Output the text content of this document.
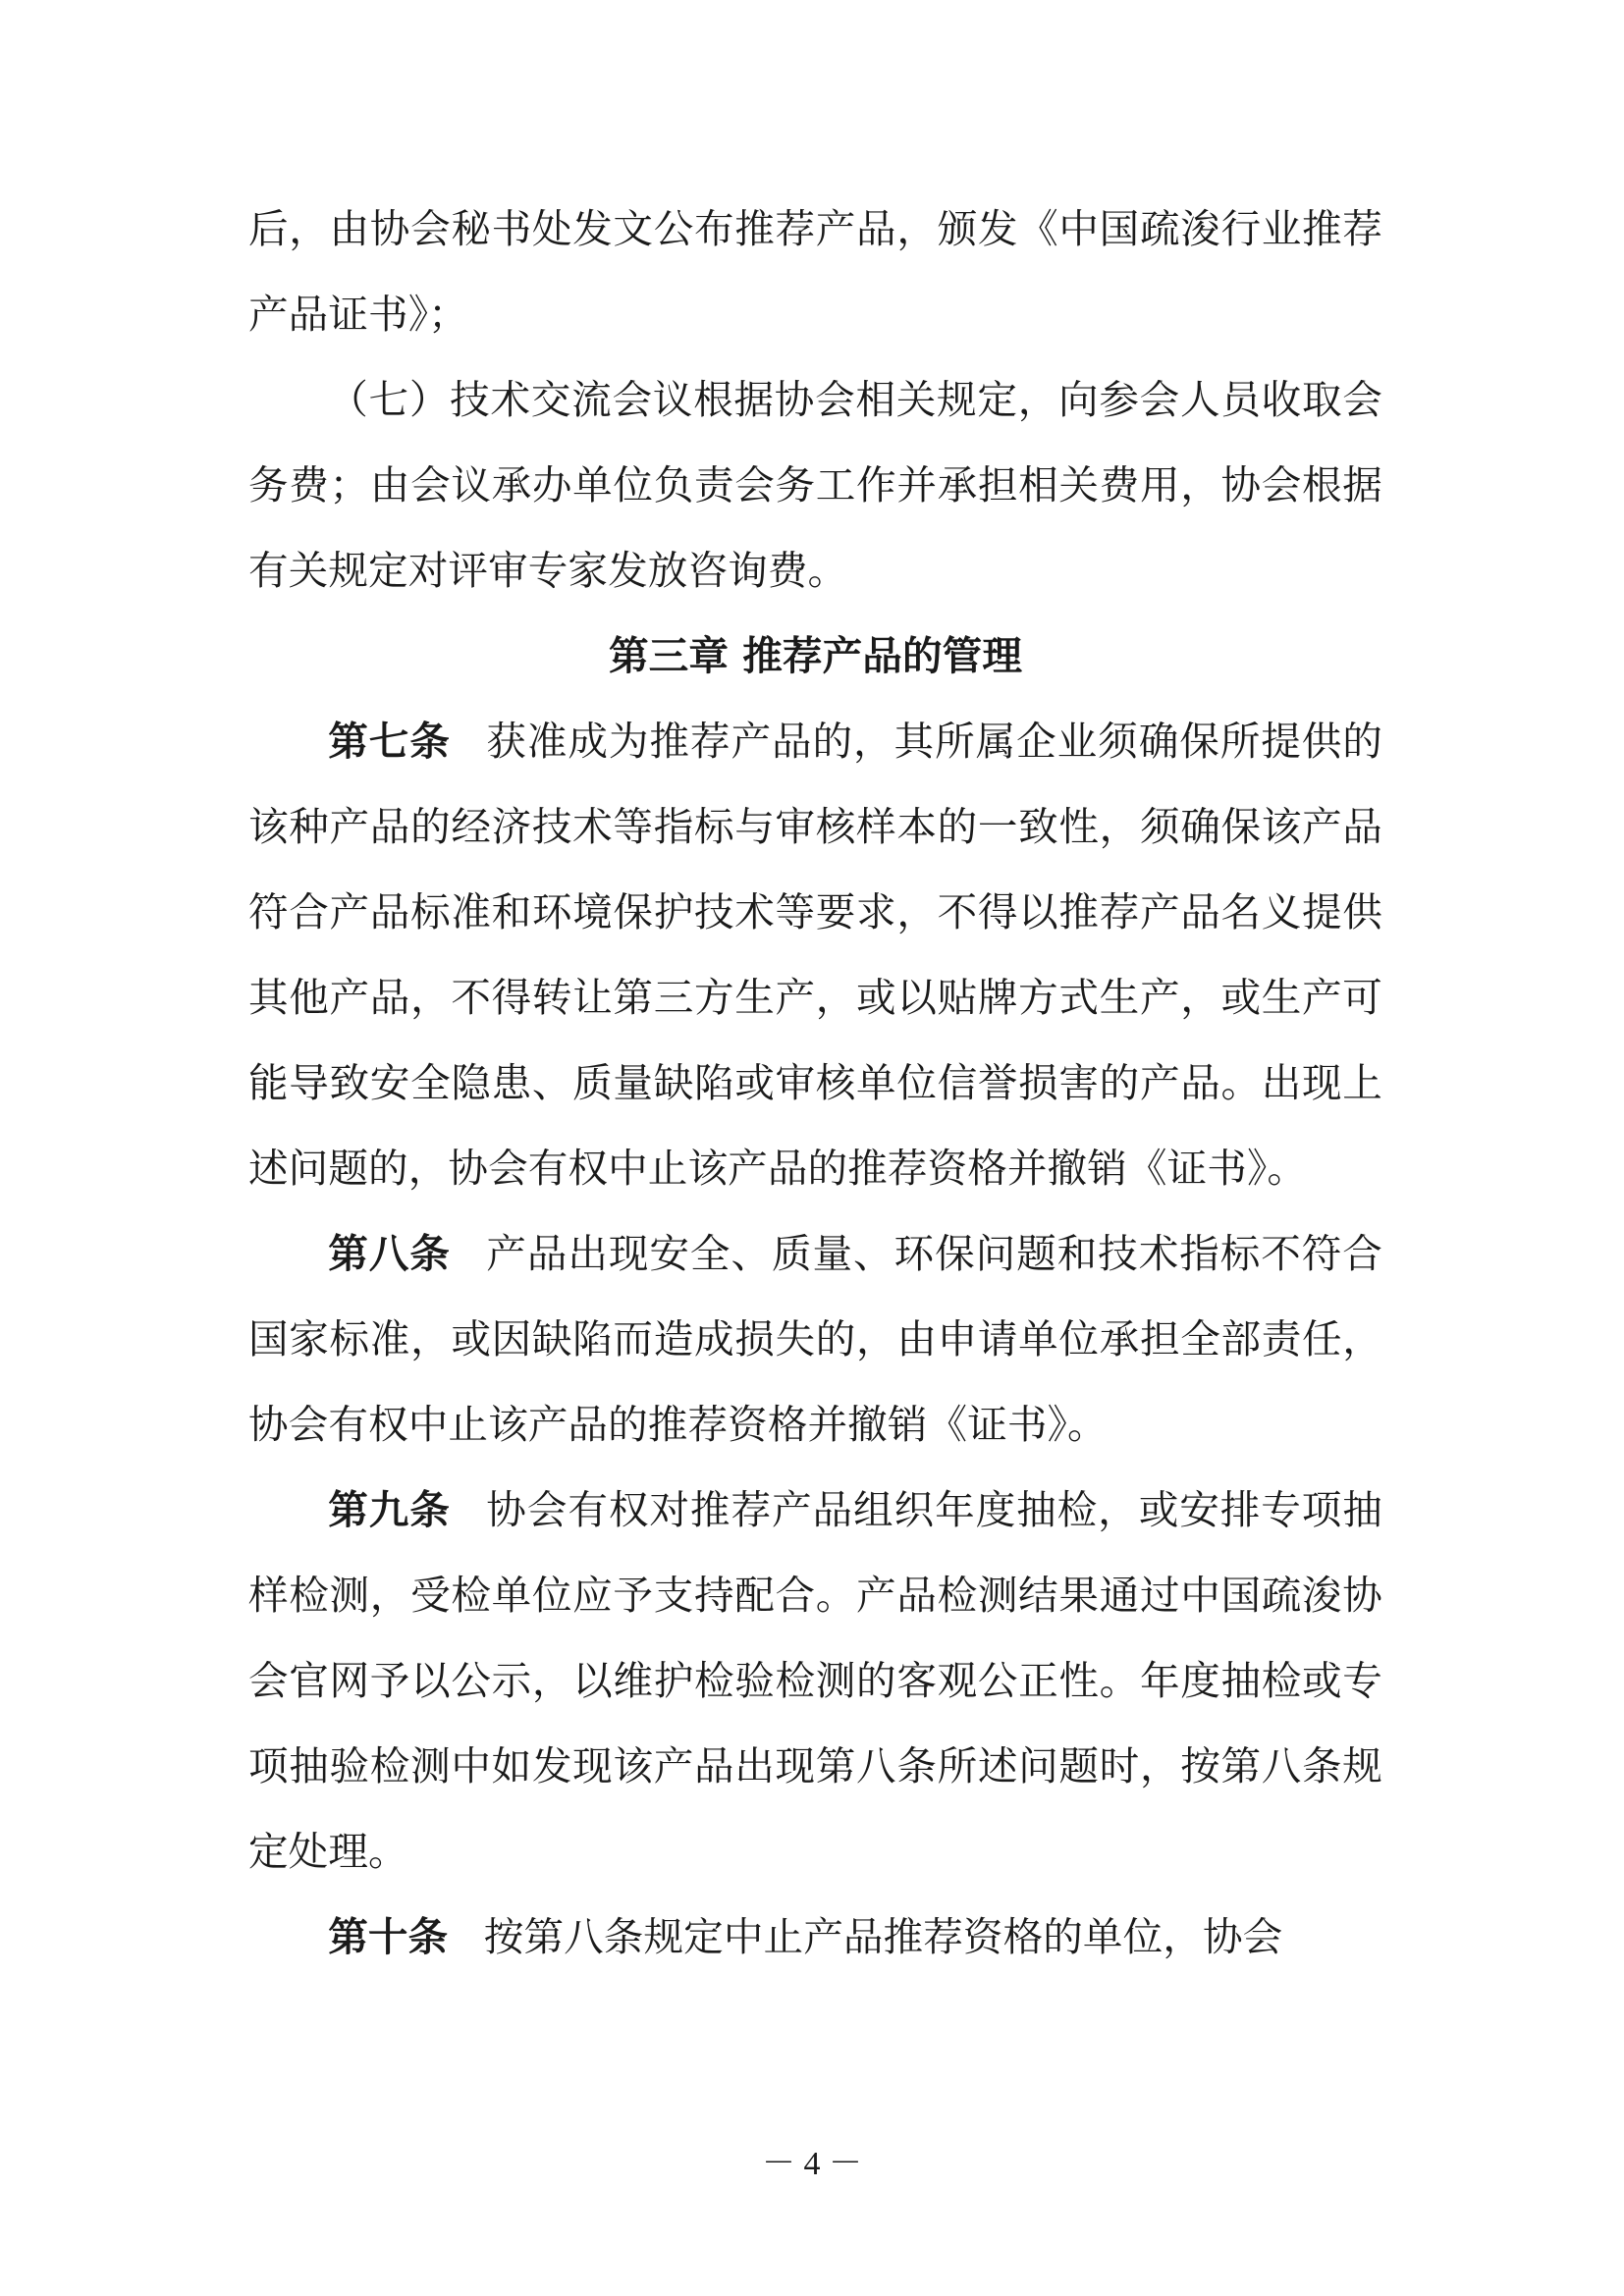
后，由协会秘书处发文公布推荐产品，颁发《中国疏浚行业推荐产品证书》；

（七）技术交流会议根据协会相关规定，向参会人员收取会务费；由会议承办单位负责会务工作并承担相关费用，协会根据有关规定对评审专家发放咨询费。

第三章 推荐产品的管理

第七条 获准成为推荐产品的，其所属企业须确保所提供的该种产品的经济技术等指标与审核样本的一致性，须确保该产品符合产品标准和环境保护技术等要求，不得以推荐产品名义提供其他产品，不得转让第三方生产，或以贴牌方式生产，或生产可能导致安全隐患、质量缺陷或审核单位信誉损害的产品。出现上述问题的，协会有权中止该产品的推荐资格并撤销《证书》。

第八条 产品出现安全、质量、环保问题和技术指标不符合国家标准，或因缺陷而造成损失的，由申请单位承担全部责任，协会有权中止该产品的推荐资格并撤销《证书》。

第九条 协会有权对推荐产品组织年度抽检，或安排专项抽样检测，受检单位应予支持配合。产品检测结果通过中国疏浚协会官网予以公示，以维护检验检测的客观公正性。年度抽检或专项抽验检测中如发现该产品出现第八条所述问题时，按第八条规定处理。

第十条 按第八条规定中止产品推荐资格的单位，协会

－ 4 －
